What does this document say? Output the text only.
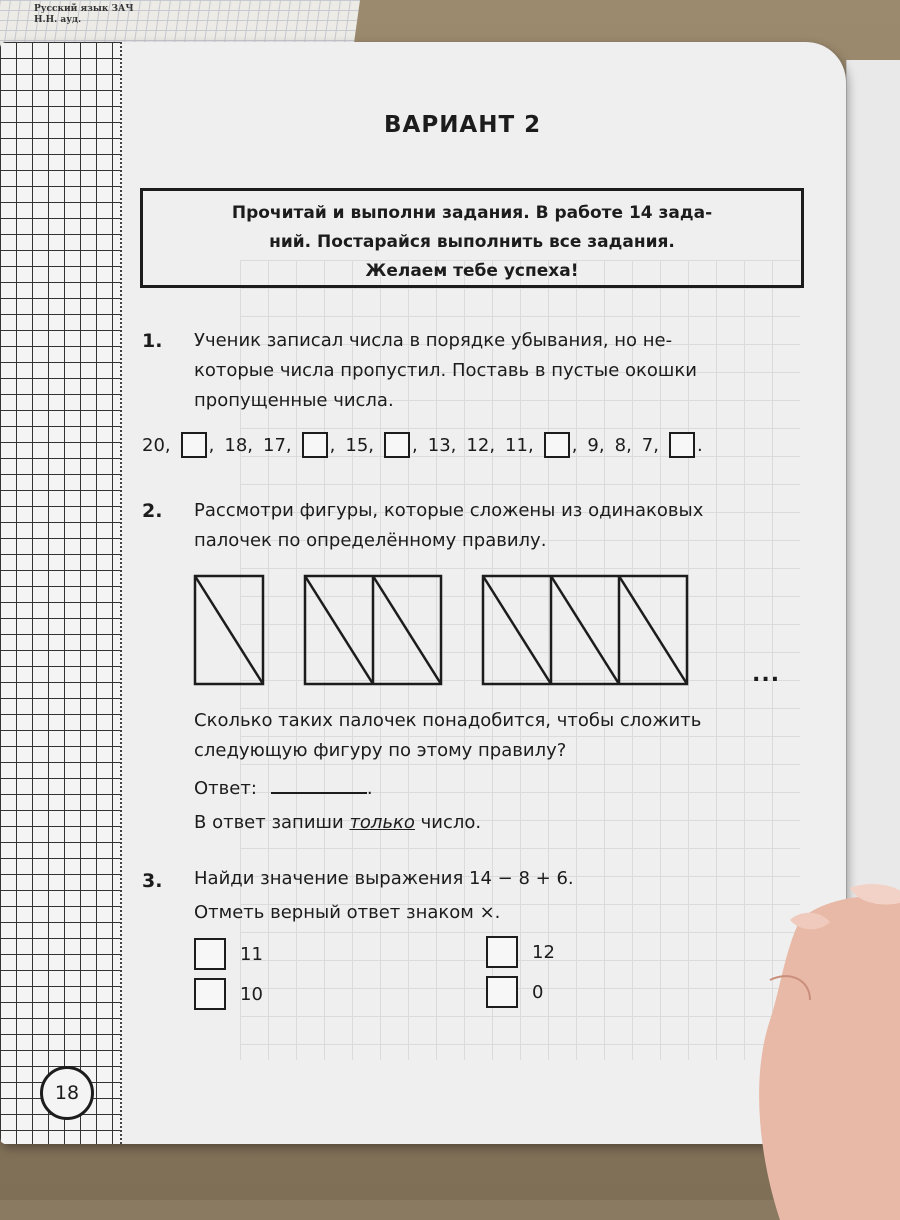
Русский язык ЗАЧ
Н.Н. ауд.
ВАРИАНТ 2
Прочитай и выполни задания. В работе 14 зада-
ний. Постарайся выполнить все задания.
Желаем тебе успеха!
1. Ученик записал числа в порядке убывания, но не-
которые числа пропустил. Поставь в пустые окошки
пропущенные числа.
20 , , 18 , 17 , , 15 , , 13 , 12 , 11 , , 9 , 8 , 7 , .
2. Рассмотри фигуры, которые сложены из одинаковых
палочек по определённому правилу.
...
Сколько таких палочек понадобится, чтобы сложить
следующую фигуру по этому правилу?
Ответ:	.
В ответ запиши только число.
3. Найди значение выражения 14 − 8 + 6.
Отметь верный ответ знаком ×.
11
10
12
0
18
